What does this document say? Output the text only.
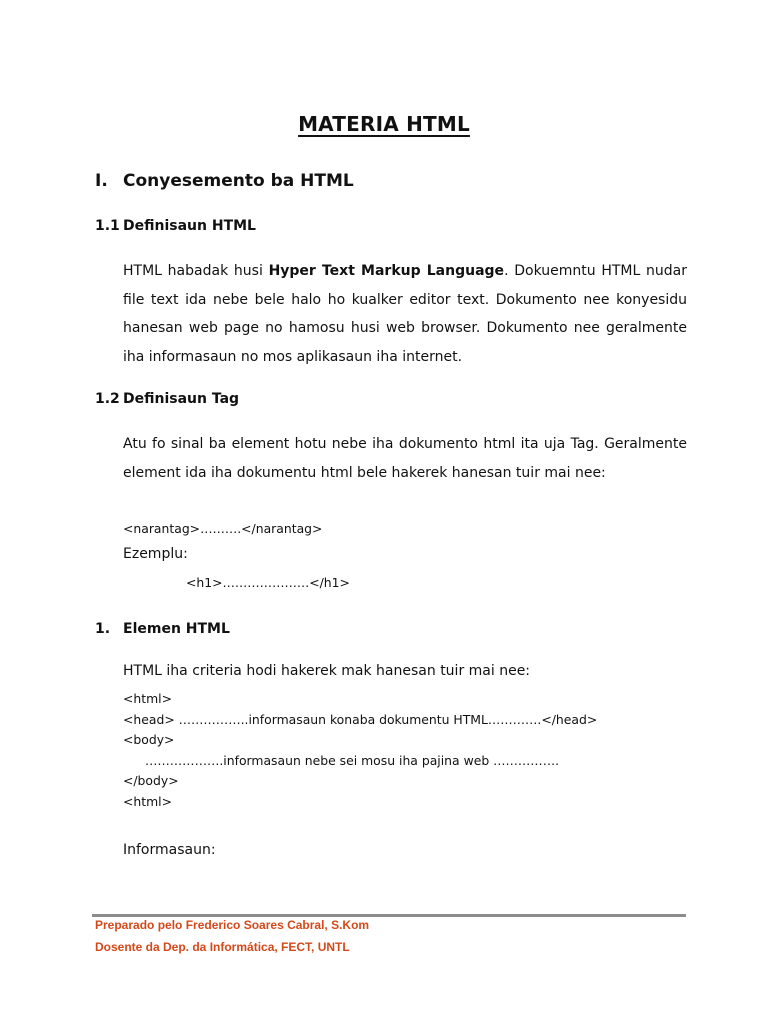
MATERIA HTML
I. Conyesemento ba HTML
1.1 Definisaun HTML
HTML habadak husi Hyper Text Markup Language. Dokuemntu HTML nudar file text ida nebe bele halo ho kualker editor text. Dokumento nee konyesidu hanesan web page no hamosu husi web browser. Dokumento nee geralmente iha informasaun no mos aplikasaun iha internet.
1.2 Definisaun Tag
Atu fo sinal ba element hotu nebe iha dokumento html ita uja Tag. Geralmente element ida iha dokumentu html bele hakerek hanesan tuir mai nee:
<narantag>……….</narantag>
Ezemplu:
<h1>…………………</h1>
1. Elemen HTML
HTML iha criteria hodi hakerek mak hanesan tuir mai nee:
<html>
<head> ……………..informasaun konaba dokumentu HTML………….</head>
<body>
……………….informasaun nebe sei mosu iha pajina web …………….
</body>
<html>
Informasaun:
Preparado pelo Frederico Soares Cabral, S.Kom
Dosente da Dep. da Informática, FECT, UNTL
